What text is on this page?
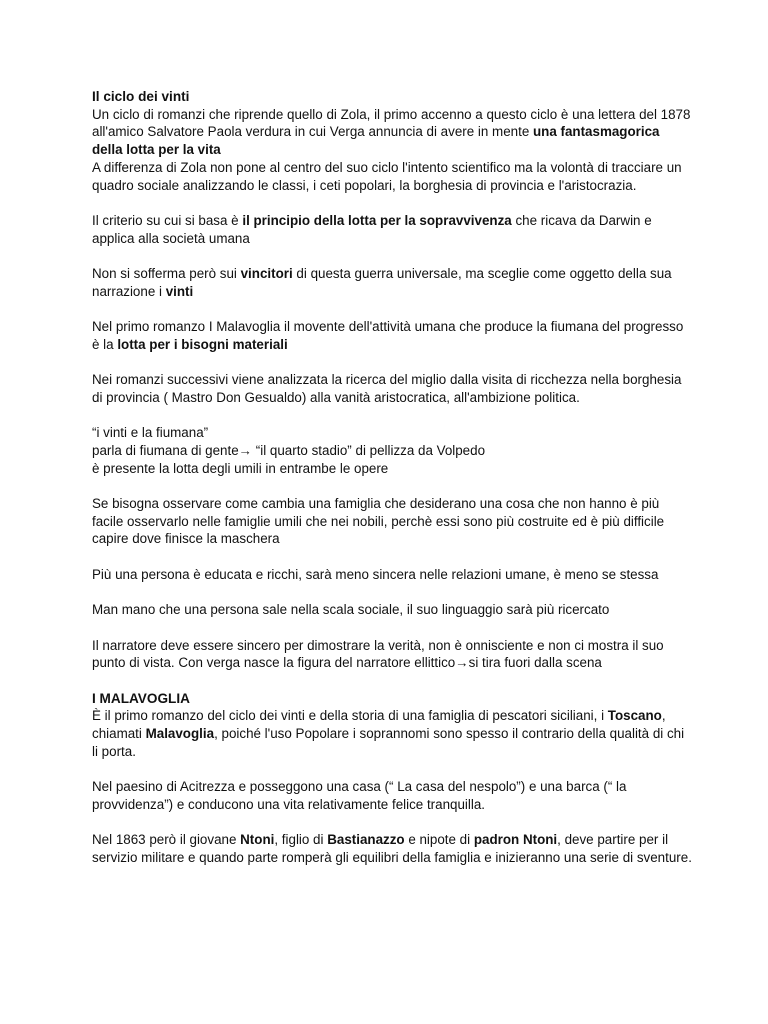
Il ciclo dei vinti

Un ciclo di romanzi che riprende quello di Zola, il primo accenno a questo ciclo è una lettera del 1878 all'amico Salvatore Paola verdura in cui Verga annuncia di avere in mente una fantasmagorica della lotta per la vita

A differenza di Zola non pone al centro del suo ciclo l'intento scientifico ma la volontà di tracciare un quadro sociale analizzando le classi, i ceti popolari, la borghesia di provincia e l'aristocrazia.

Il criterio su cui si basa è il principio della lotta per la sopravvivenza che ricava da Darwin e applica alla società umana

Non si sofferma però sui vincitori di questa guerra universale, ma sceglie come oggetto della sua narrazione i vinti

Nel primo romanzo I Malavoglia il movente dell'attività umana che produce la fiumana del progresso è la lotta per i bisogni materiali

Nei romanzi successivi viene analizzata la ricerca del miglio dalla visita di ricchezza nella borghesia di provincia ( Mastro Don Gesualdo) alla vanità aristocratica, all'ambizione politica.

“i vinti e la fiumana”

parla di fiumana di gente→ “il quarto stadio” di pellizza da Volpedo

è presente la lotta degli umili in entrambe le opere

Se bisogna osservare come cambia una famiglia che desiderano una cosa che non hanno è più facile osservarlo nelle famiglie umili che nei nobili, perchè essi sono più costruite ed è più difficile capire dove finisce la maschera

Più una persona è educata e ricchi, sarà meno sincera nelle relazioni umane, è meno se stessa

Man mano che una persona sale nella scala sociale, il suo linguaggio sarà più ricercato

Il narratore deve essere sincero per dimostrare la verità, non è onnisciente e non ci mostra il suo punto di vista. Con verga nasce la figura del narratore ellittico→si tira fuori dalla scena

I MALAVOGLIA

È il primo romanzo del ciclo dei vinti e della storia di una famiglia di pescatori siciliani, i Toscano, chiamati Malavoglia, poiché l'uso Popolare i soprannomi sono spesso il contrario della qualità di chi li porta.

Nel paesino di Acitrezza e posseggono una casa (“ La casa del nespolo”) e una barca (“ la provvidenza”) e conducono una vita relativamente felice tranquilla.

Nel 1863 però il giovane Ntoni, figlio di Bastianazzo e nipote di padron Ntoni, deve partire per il servizio militare e quando parte romperà gli equilibri della famiglia e inizieranno una serie di sventure.
